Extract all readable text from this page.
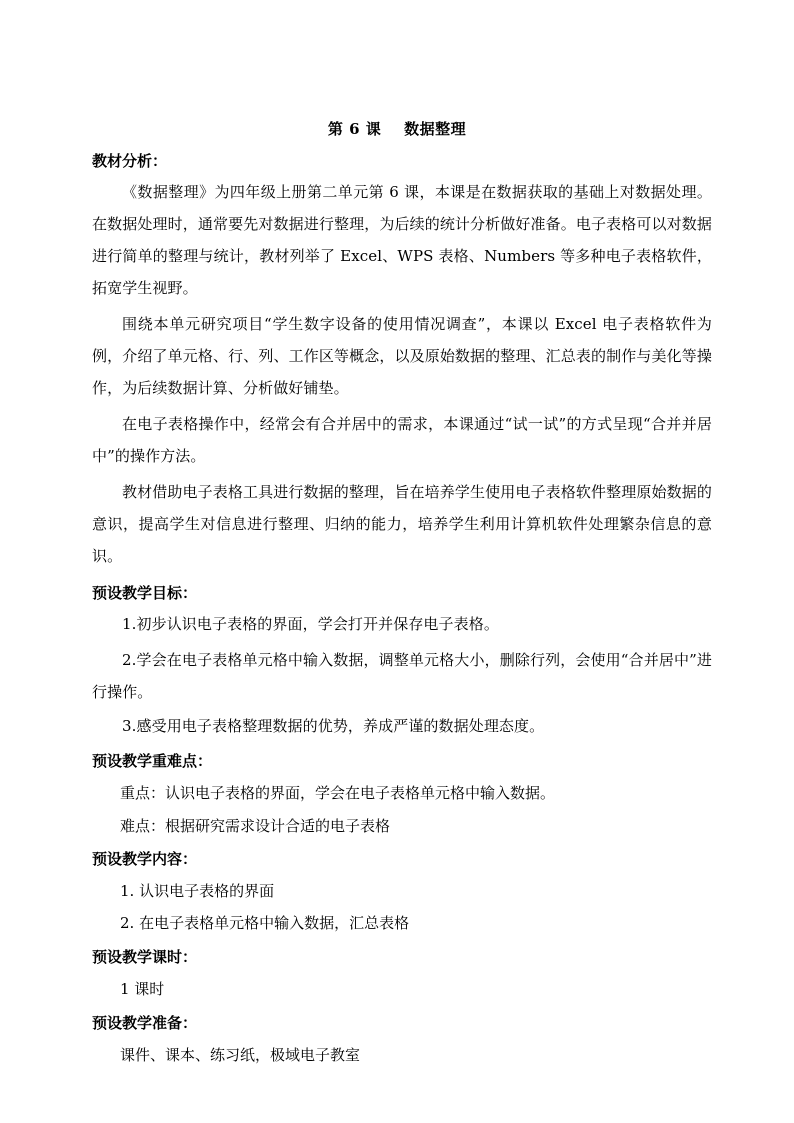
第 6 课    数据整理
教材分析：
《数据整理》为四年级上册第二单元第 6 课，本课是在数据获取的基础上对数据处理。在数据处理时，通常要先对数据进行整理，为后续的统计分析做好准备。电子表格可以对数据进行简单的整理与统计，教材列举了 Excel、WPS 表格、Numbers 等多种电子表格软件，拓宽学生视野。
围绕本单元研究项目“学生数字设备的使用情况调查”，本课以 Excel 电子表格软件为例，介绍了单元格、行、列、工作区等概念，以及原始数据的整理、汇总表的制作与美化等操作，为后续数据计算、分析做好铺垫。
在电子表格操作中，经常会有合并居中的需求，本课通过“试一试”的方式呈现“合并并居中”的操作方法。
教材借助电子表格工具进行数据的整理，旨在培养学生使用电子表格软件整理原始数据的意识，提高学生对信息进行整理、归纳的能力，培养学生利用计算机软件处理繁杂信息的意识。
预设教学目标：
1.初步认识电子表格的界面，学会打开并保存电子表格。
2.学会在电子表格单元格中输入数据，调整单元格大小，删除行列，会使用“合并居中”进行操作。
3.感受用电子表格整理数据的优势，养成严谨的数据处理态度。
预设教学重难点：
重点：认识电子表格的界面，学会在电子表格单元格中输入数据。
难点：根据研究需求设计合适的电子表格
预设教学内容：
1. 认识电子表格的界面
2. 在电子表格单元格中输入数据，汇总表格
预设教学课时：
1 课时
预设教学准备：
课件、课本、练习纸，极域电子教室
